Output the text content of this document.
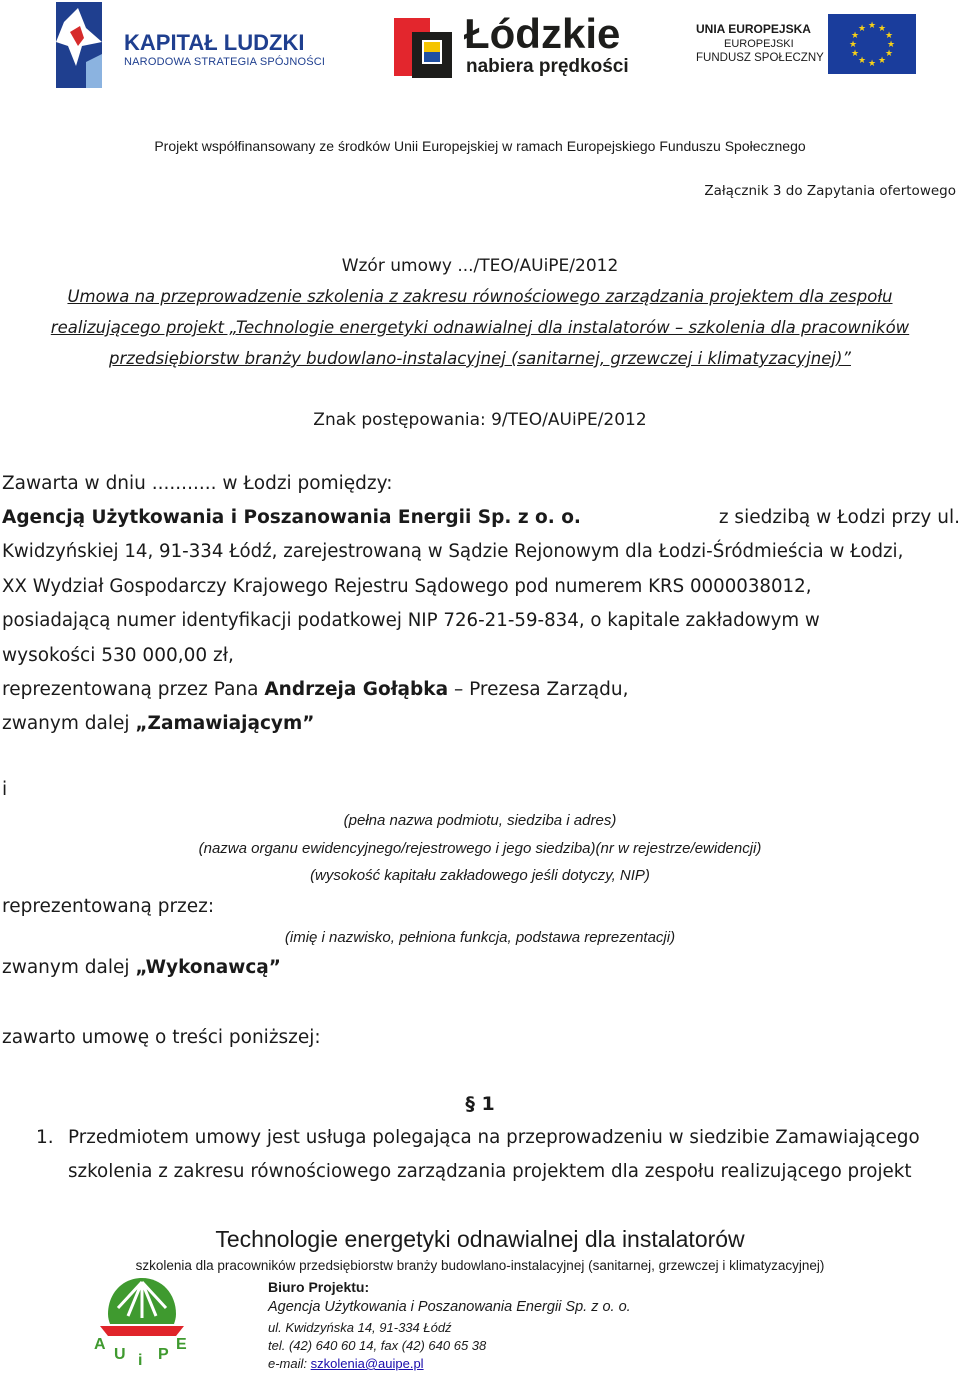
KAPITAŁ LUDZKI
NARODOWA STRATEGIA SPÓJNOŚCI
Łódzkie
nabiera prędkości
UNIA EUROPEJSKA
EUROPEJSKI
FUNDUSZ SPOŁECZNY
★ ★
★
★
★
★
★
★
★
★
★
★
Projekt współfinansowany ze środków Unii Europejskiej w ramach Europejskiego Funduszu Społecznego
Załącznik 3 do Zapytania ofertowego
Wzór umowy .../TEO/AUiPE/2012
Umowa na przeprowadzenie szkolenia z zakresu równościowego zarządzania projektem dla zespołu
realizującego projekt „Technologie energetyki odnawialnej dla instalatorów – szkolenia dla pracowników
przedsiębiorstw branży budowlano-instalacyjnej (sanitarnej, grzewczej i klimatyzacyjnej)”
Znak postępowania: 9/TEO/AUiPE/2012
Zawarta w dniu ........... w Łodzi pomiędzy:
Agencją Użytkowania i Poszanowania Energii Sp. z o. o.	z siedzibą w Łodzi przy ul.
Kwidzyńskiej 14, 91-334 Łódź, zarejestrowaną w Sądzie Rejonowym dla Łodzi-Śródmieścia w Łodzi,
XX Wydział Gospodarczy Krajowego Rejestru Sądowego pod numerem KRS 0000038012,
posiadającą numer identyfikacji podatkowej NIP 726-21-59-834, o kapitale zakładowym w
wysokości 530 000,00 zł,
reprezentowaną przez Pana Andrzeja Gołąbka – Prezesa Zarządu,
zwanym dalej „Zamawiającym”
i
(pełna nazwa podmiotu, siedziba i adres)
(nazwa organu ewidencyjnego/rejestrowego i jego siedziba)(nr w rejestrze/ewidencji)
(wysokość kapitału zakładowego jeśli dotyczy, NIP)
reprezentowaną przez:
(imię i nazwisko, pełniona funkcja, podstawa reprezentacji)
zwanym dalej „Wykonawcą”
zawarto umowę o treści poniższej:
§ 1
1. Przedmiotem umowy jest usługa polegająca na przeprowadzeniu w siedzibie Zamawiającego
szkolenia z zakresu równościowego zarządzania projektem dla zespołu realizującego projekt
Technologie energetyki odnawialnej dla instalatorów
szkolenia dla pracowników przedsiębiorstw branży budowlano-instalacyjnej (sanitarnej, grzewczej i klimatyzacyjnej)
A
U i P
E
Biuro Projektu:
Agencja Użytkowania i Poszanowania Energii Sp. z o. o.
ul. Kwidzyńska 14, 91-334 Łódź
tel. (42) 640 60 14, fax (42) 640 65 38
e-mail: szkolenia@auipe.pl
